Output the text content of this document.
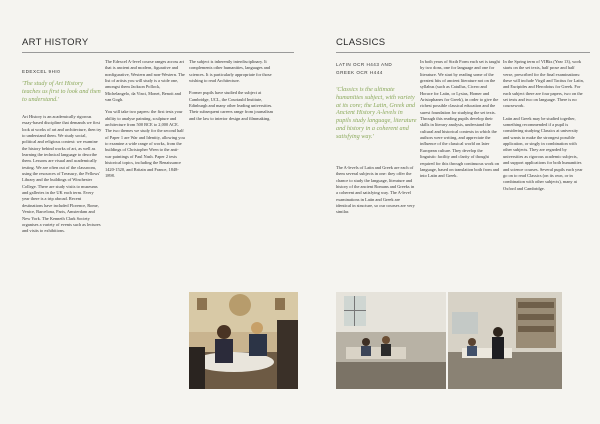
ART HISTORY
EDEXCEL 9HI0
'The study of Art History teaches us first to look and then to understand.'

Art History is an academically rigorous essay-based discipline that demands we first look at works of art and architecture, then try to understand them. We study social, political and religious context: we examine the history behind works of art, as well as learning the technical language to describe them. Lessons are visual and academically testing. We are often out of the classroom, using the resources of Treasury, the Fellows' Library and the buildings of Winchester College. There are study visits to museums and galleries in the UK each term. Every year there is a trip abroad. Recent destinations have included Florence, Rome, Venice, Barcelona, Paris, Amsterdam and New York. The Kenneth Clark Society organises a variety of events such as lectures and visits to exhibitions.

The Edexcel A-level course ranges across art that is ancient and modern, figurative and nonfigurative, Western and non-Western. The list of artists you will study is a wide one, amongst them Jackson Pollock, Michelangelo, da Vinci, Monet, Benoit and van Gogh.

You will take two papers: the first tests your ability to analyse painting, sculpture and architecture from 500 BCE to 2,000 ACE. The two themes we study for the second half of Paper 1 are War and Identity, allowing you to examine a wide range of works, from the buildings of Christopher Wren to the anti-war paintings of Paul Nash. Paper 2 tests historical topics, including the Renaissance 1420-1520, and Britain and France, 1848-1898.

The subject is inherently interdisciplinary. It complements other humanities, languages and sciences. It is particularly appropriate for those wishing to read Architecture.

Former pupils have studied the subject at Cambridge, UCL, the Courtauld Institute, Edinburgh and many other leading universities. Their subsequent careers range from journalism and the law to interior design and filmmaking.

CLASSICS
LATIN OCR H443 AND
GREEK OCR H444
'Classics is the ultimate humanities subject, with variety at its core; the Latin, Greek and Ancient History A-levels in pupils study language, literature and history in a coherent and satisfying way.'

The A-levels of Latin and Greek are each of them several subjects in one: they offer the chance to study the language, literature and history of the ancient Romans and Greeks in a coherent and satisfying way. The A-level examinations in Latin and Greek are identical in structure, so our courses are very similar.

In both years of Sixth Form each set is taught by two dons, one for language and one for literature. We start by reading some of the greatest hits of ancient literature not on the syllabus (such as Catullus, Cicero and Horace for Latin, or Lysias, Homer and Aristophanes for Greek), in order to give the richest possible classical education and the surest foundation for studying the set texts. Through this reading pupils develop their skills in literary analysis, understand the cultural and historical contexts in which the authors were writing, and appreciate the influence of the classical world on later European culture. They develop the linguistic facility and clarity of thought required for this through continuous work on language, based on translation both from and into Latin and Greek.

In the Spring term of VIBks (Year 13), work starts on the set texts, half prose and half verse, prescribed for the final examinations: these will include Virgil and Tacitus for Latin, and Euripides and Herodotus for Greek. For each subject there are four papers, two on the set texts and two on language. There is no coursework.

Latin and Greek may be studied together, something recommended if a pupil is considering studying Classics at university and wants to make the strongest possible application, or singly in combination with other subjects. They are regarded by universities as rigorous academic subjects, and support applications for both humanities and science courses. Several pupils each year go on to read Classics (on its own, or in combination with other subjects), many at Oxford and Cambridge.
